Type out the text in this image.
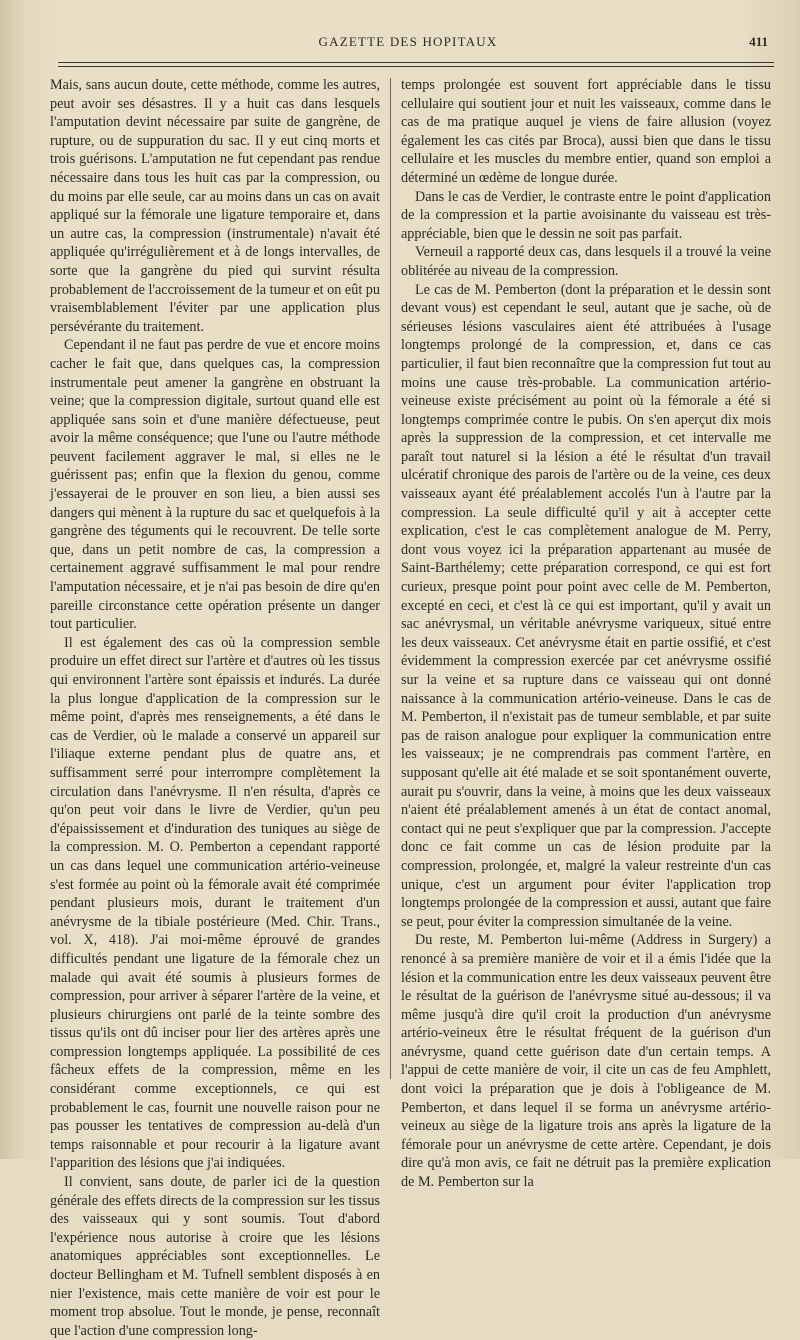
GAZETTE DES HOPITAUX	411

Mais, sans aucun doute, cette méthode, comme les autres, peut avoir ses désastres. Il y a huit cas dans lesquels l'amputation devint nécessaire par suite de gangrène, de rupture, ou de suppuration du sac. Il y eut cinq morts et trois guérisons. L'amputation ne fut cependant pas rendue nécessaire dans tous les huit cas par la compression, ou du moins par elle seule, car au moins dans un cas on avait appliqué sur la fémorale une ligature temporaire et, dans un autre cas, la compression (instrumentale) n'avait été appliquée qu'irrégulièrement et à de longs intervalles, de sorte que la gangrène du pied qui survint résulta probablement de l'accroissement de la tumeur et on eût pu vraisemblablement l'éviter par une application plus persévérante du traitement.

Cependant il ne faut pas perdre de vue et encore moins cacher le fait que, dans quelques cas, la compression instrumentale peut amener la gangrène en obstruant la veine; que la compression digitale, surtout quand elle est appliquée sans soin et d'une manière défectueuse, peut avoir la même conséquence; que l'une ou l'autre méthode peuvent facilement aggraver le mal, si elles ne le guérissent pas; enfin que la flexion du genou, comme j'essayerai de le prouver en son lieu, a bien aussi ses dangers qui mènent à la rupture du sac et quelquefois à la gangrène des téguments qui le recouvrent. De telle sorte que, dans un petit nombre de cas, la compression a certainement aggravé suffisamment le mal pour rendre l'amputation nécessaire, et je n'ai pas besoin de dire qu'en pareille circonstance cette opération présente un danger tout particulier.

Il est également des cas où la compression semble produire un effet direct sur l'artère et d'autres où les tissus qui environnent l'artère sont épaissis et indurés. La durée la plus longue d'application de la compression sur le même point, d'après mes renseignements, a été dans le cas de Verdier, où le malade a conservé un appareil sur l'iliaque externe pendant plus de quatre ans, et suffisamment serré pour interrompre complètement la circulation dans l'anévrysme. Il n'en résulta, d'après ce qu'on peut voir dans le livre de Verdier, qu'un peu d'épaississement et d'induration des tuniques au siège de la compression. M. O. Pemberton a cependant rapporté un cas dans lequel une communication artério-veineuse s'est formée au point où la fémorale avait été comprimée pendant plusieurs mois, durant le traitement d'un anévrysme de la tibiale postérieure (Med. Chir. Trans., vol. X, 418). J'ai moi-même éprouvé de grandes difficultés pendant une ligature de la fémorale chez un malade qui avait été soumis à plusieurs formes de compression, pour arriver à séparer l'artère de la veine, et plusieurs chirurgiens ont parlé de la teinte sombre des tissus qu'ils ont dû inciser pour lier des artères après une compression longtemps appliquée. La possibilité de ces fâcheux effets de la compression, même en les considérant comme exceptionnels, ce qui est probablement le cas, fournit une nouvelle raison pour ne pas pousser les tentatives de compression au-delà d'un temps raisonnable et pour recourir à la ligature avant l'apparition des lésions que j'ai indiquées.

Il convient, sans doute, de parler ici de la question générale des effets directs de la compression sur les tissus des vaisseaux qui y sont soumis. Tout d'abord l'expérience nous autorise à croire que les lésions anatomiques appréciables sont exceptionnelles. Le docteur Bellingham et M. Tufnell semblent disposés à en nier l'existence, mais cette manière de voir est pour le moment trop absolue. Tout le monde, je pense, reconnaît que l'action d'une compression long-

temps prolongée est souvent fort appréciable dans le tissu cellulaire qui soutient jour et nuit les vaisseaux, comme dans le cas de ma pratique auquel je viens de faire allusion (voyez également les cas cités par Broca), aussi bien que dans le tissu cellulaire et les muscles du membre entier, quand son emploi a déterminé un œdème de longue durée.

Dans le cas de Verdier, le contraste entre le point d'application de la compression et la partie avoisinante du vaisseau est très-appréciable, bien que le dessin ne soit pas parfait.

Verneuil a rapporté deux cas, dans lesquels il a trouvé la veine oblitérée au niveau de la compression.

Le cas de M. Pemberton (dont la préparation et le dessin sont devant vous) est cependant le seul, autant que je sache, où de sérieuses lésions vasculaires aient été attribuées à l'usage longtemps prolongé de la compression, et, dans ce cas particulier, il faut bien reconnaître que la compression fut tout au moins une cause très-probable. La communication artério-veineuse existe précisément au point où la fémorale a été si longtemps comprimée contre le pubis. On s'en aperçut dix mois après la suppression de la compression, et cet intervalle me paraît tout naturel si la lésion a été le résultat d'un travail ulcératif chronique des parois de l'artère ou de la veine, ces deux vaisseaux ayant été préalablement accolés l'un à l'autre par la compression. La seule difficulté qu'il y ait à accepter cette explication, c'est le cas complètement analogue de M. Perry, dont vous voyez ici la préparation appartenant au musée de Saint-Barthélemy; cette préparation correspond, ce qui est fort curieux, presque point pour point avec celle de M. Pemberton, excepté en ceci, et c'est là ce qui est important, qu'il y avait un sac anévrysmal, un véritable anévrysme variqueux, situé entre les deux vaisseaux. Cet anévrysme était en partie ossifié, et c'est évidemment la compression exercée par cet anévrysme ossifié sur la veine et sa rupture dans ce vaisseau qui ont donné naissance à la communication artério-veineuse. Dans le cas de M. Pemberton, il n'existait pas de tumeur semblable, et par suite pas de raison analogue pour expliquer la communication entre les vaisseaux; je ne comprendrais pas comment l'artère, en supposant qu'elle ait été malade et se soit spontanément ouverte, aurait pu s'ouvrir, dans la veine, à moins que les deux vaisseaux n'aient été préalablement amenés à un état de contact anomal, contact qui ne peut s'expliquer que par la compression. J'accepte donc ce fait comme un cas de lésion produite par la compression, prolongée, et, malgré la valeur restreinte d'un cas unique, c'est un argument pour éviter l'application trop longtemps prolongée de la compression et aussi, autant que faire se peut, pour éviter la compression simultanée de la veine.

Du reste, M. Pemberton lui-même (Address in Surgery) a renoncé à sa première manière de voir et il a émis l'idée que la lésion et la communication entre les deux vaisseaux peuvent être le résultat de la guérison de l'anévrysme situé au-dessous; il va même jusqu'à dire qu'il croit la production d'un anévrysme artério-veineux être le résultat fréquent de la guérison d'un anévrysme, quand cette guérison date d'un certain temps. A l'appui de cette manière de voir, il cite un cas de feu Amphlett, dont voici la préparation que je dois à l'obligeance de M. Pemberton, et dans lequel il se forma un anévrysme artério-veineux au siège de la ligature trois ans après la ligature de la fémorale pour un anévrysme de cette artère. Cependant, je dois dire qu'à mon avis, ce fait ne détruit pas la première explication de M. Pemberton sur la
